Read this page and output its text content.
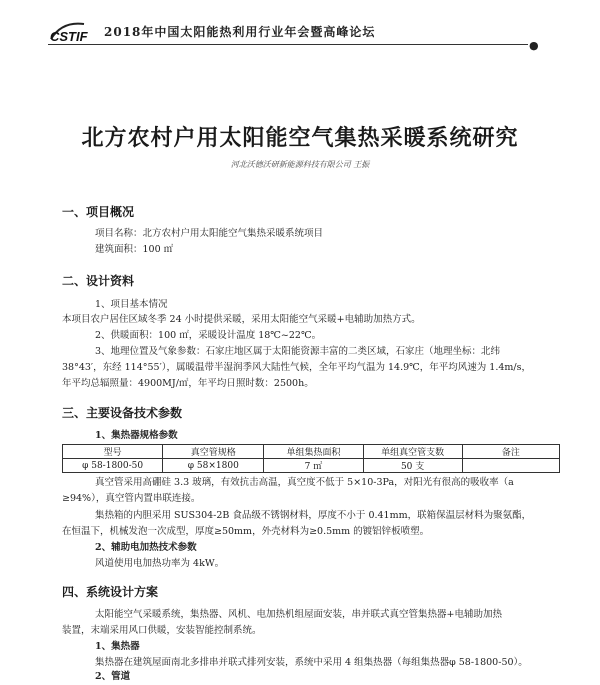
CSTIF 2018年中国太阳能热利用行业年会暨高峰论坛
●
北方农村户用太阳能空气集热采暖系统研究
河北沃德沃研新能源科技有限公司 王振
一、项目概况
项目名称：北方农村户用太阳能空气集热采暖系统项目
建筑面积：100 ㎡
二、设计资料
1、项目基本情况
本项目农户居住区域冬季 24 小时提供采暖，采用太阳能空气采暖+电辅助加热方式。
2、供暖面积：100 ㎡，采暖设计温度 18℃~22℃。
3、地理位置及气象参数：石家庄地区属于太阳能资源丰富的二类区域，石家庄（地理坐标：北纬
38°43′，东经 114°55′），属暖温带半湿润季风大陆性气候，全年平均气温为 14.9℃，年平均风速为 1.4m/s，
年平均总辐照量：4900MJ/㎡，年平均日照时数：2500h。
三、主要设备技术参数
1、集热器规格参数
型号	真空管规格	单组集热面积	单组真空管支数	备注
φ 58-1800-50	φ 58×1800	7 ㎡	50 支	
真空管采用高硼硅 3.3 玻璃，有效抗击高温，真空度不低于 5×10-3Pa，对阳光有很高的吸收率（a
≥94%），真空管内置串联连接。
集热箱的内胆采用 SUS304-2B 食品级不锈钢材料，厚度不小于 0.41mm，联箱保温层材料为聚氨酯，
在恒温下，机械发泡一次成型，厚度≥50mm，外壳材料为≥0.5mm 的镀铝锌板喷塑。
2、辅助电加热技术参数
风道使用电加热功率为 4kW。
四、系统设计方案
太阳能空气采暖系统，集热器、风机、电加热机组屋面安装，串并联式真空管集热器+电辅助加热
装置，末端采用风口供暖，安装智能控制系统。
1、集热器
集热器在建筑屋面南北多排串并联式排列安装，系统中采用 4 组集热器（每组集热器φ 58-1800-50）。
2、管道
